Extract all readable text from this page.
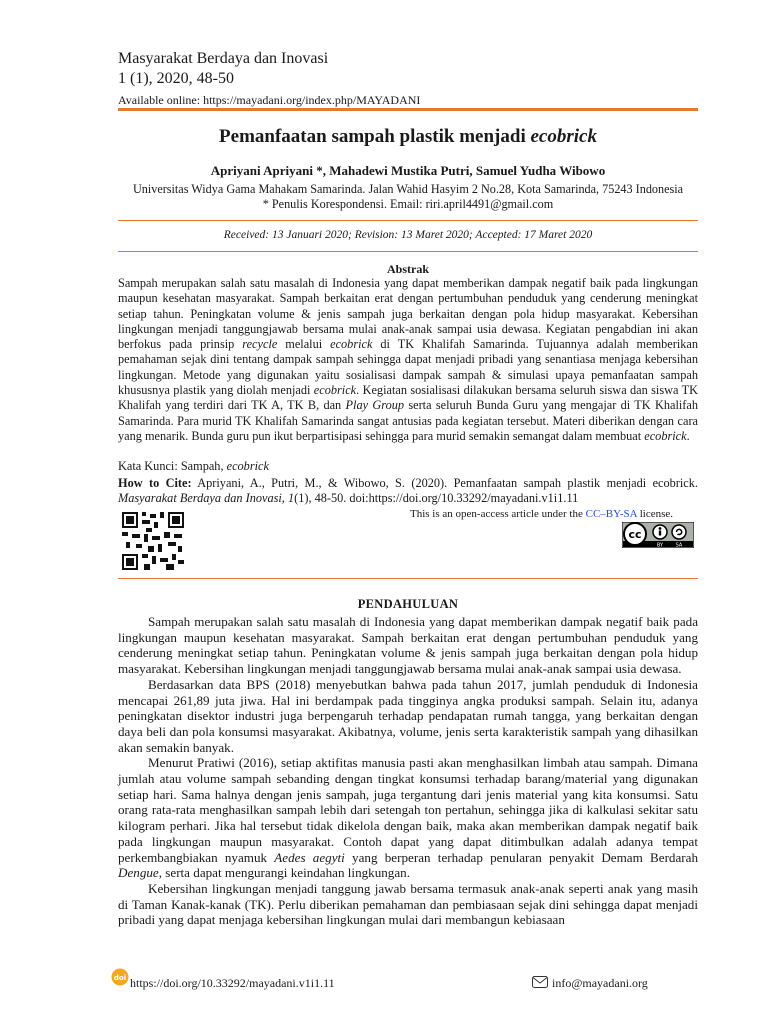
Masyarakat Berdaya dan Inovasi
1 (1), 2020, 48-50
Available online: https://mayadani.org/index.php/MAYADANI
Pemanfaatan sampah plastik menjadi ecobrick
Apriyani Apriyani *, Mahadewi Mustika Putri, Samuel Yudha Wibowo
Universitas Widya Gama Mahakam Samarinda. Jalan Wahid Hasyim 2 No.28, Kota Samarinda, 75243 Indonesia
* Penulis Korespondensi. Email: riri.april4491@gmail.com
Received: 13 Januari 2020; Revision: 13 Maret 2020; Accepted: 17 Maret 2020
Abstrak
Sampah merupakan salah satu masalah di Indonesia yang dapat memberikan dampak negatif baik pada lingkungan maupun kesehatan masyarakat. Sampah berkaitan erat dengan pertumbuhan penduduk yang cenderung meningkat setiap tahun. Peningkatan volume & jenis sampah juga berkaitan dengan pola hidup masyarakat. Kebersihan lingkungan menjadi tanggungjawab bersama mulai anak-anak sampai usia dewasa. Kegiatan pengabdian ini akan berfokus pada prinsip recycle melalui ecobrick di TK Khalifah Samarinda. Tujuannya adalah memberikan pemahaman sejak dini tentang dampak sampah sehingga dapat menjadi pribadi yang senantiasa menjaga kebersihan lingkungan. Metode yang digunakan yaitu sosialisasi dampak sampah & simulasi upaya pemanfaatan sampah khususnya plastik yang diolah menjadi ecobrick. Kegiatan sosialisasi dilakukan bersama seluruh siswa dan siswa TK Khalifah yang terdiri dari TK A, TK B, dan Play Group serta seluruh Bunda Guru yang mengajar di TK Khalifah Samarinda. Para murid TK Khalifah Samarinda sangat antusias pada kegiatan tersebut. Materi diberikan dengan cara yang menarik. Bunda guru pun ikut berpartisipasi sehingga para murid semakin semangat dalam membuat ecobrick.
Kata Kunci: Sampah, ecobrick
How to Cite: Apriyani, A., Putri, M., & Wibowo, S. (2020). Pemanfaatan sampah plastik menjadi ecobrick. Masyarakat Berdaya dan Inovasi, 1(1), 48-50. doi:https://doi.org/10.33292/mayadani.v1i1.11
This is an open-access article under the CC–BY-SA license.
cc
BY	SA
PENDAHULUAN

Sampah merupakan salah satu masalah di Indonesia yang dapat memberikan dampak negatif baik pada lingkungan maupun kesehatan masyarakat. Sampah berkaitan erat dengan pertumbuhan penduduk yang cenderung meningkat setiap tahun. Peningkatan volume & jenis sampah juga berkaitan dengan pola hidup masyarakat. Kebersihan lingkungan menjadi tanggungjawab bersama mulai anak-anak sampai usia dewasa.

Berdasarkan data BPS (2018) menyebutkan bahwa pada tahun 2017, jumlah penduduk di Indonesia mencapai 261,89 juta jiwa. Hal ini berdampak pada tingginya angka produksi sampah. Selain itu, adanya peningkatan disektor industri juga berpengaruh terhadap pendapatan rumah tangga, yang berkaitan dengan daya beli dan pola konsumsi masyarakat. Akibatnya, volume, jenis serta karakteristik sampah yang dihasilkan akan semakin banyak.

Menurut Pratiwi (2016), setiap aktifitas manusia pasti akan menghasilkan limbah atau sampah. Dimana jumlah atau volume sampah sebanding dengan tingkat konsumsi terhadap barang/material yang digunakan setiap hari. Sama halnya dengan jenis sampah, juga tergantung dari jenis material yang kita konsumsi. Satu orang rata-rata menghasilkan sampah lebih dari setengah ton pertahun, sehingga jika di kalkulasi sekitar satu kilogram perhari. Jika hal tersebut tidak dikelola dengan baik, maka akan memberikan dampak negatif baik pada lingkungan maupun masyarakat. Contoh dapat yang dapat ditimbulkan adalah adanya tempat perkembangbiakan nyamuk Aedes aegyti yang berperan terhadap penularan penyakit Demam Berdarah Dengue, serta dapat mengurangi keindahan lingkungan.

Kebersihan lingkungan menjadi tanggung jawab bersama termasuk anak-anak seperti anak yang masih di Taman Kanak-kanak (TK). Perlu diberikan pemahaman dan pembiasaan sejak dini sehingga dapat menjadi pribadi yang dapat menjaga kebersihan lingkungan mulai dari membangun kebiasaan

doi https://doi.org/10.33292/mayadani.v1i1.11	info@mayadani.org
